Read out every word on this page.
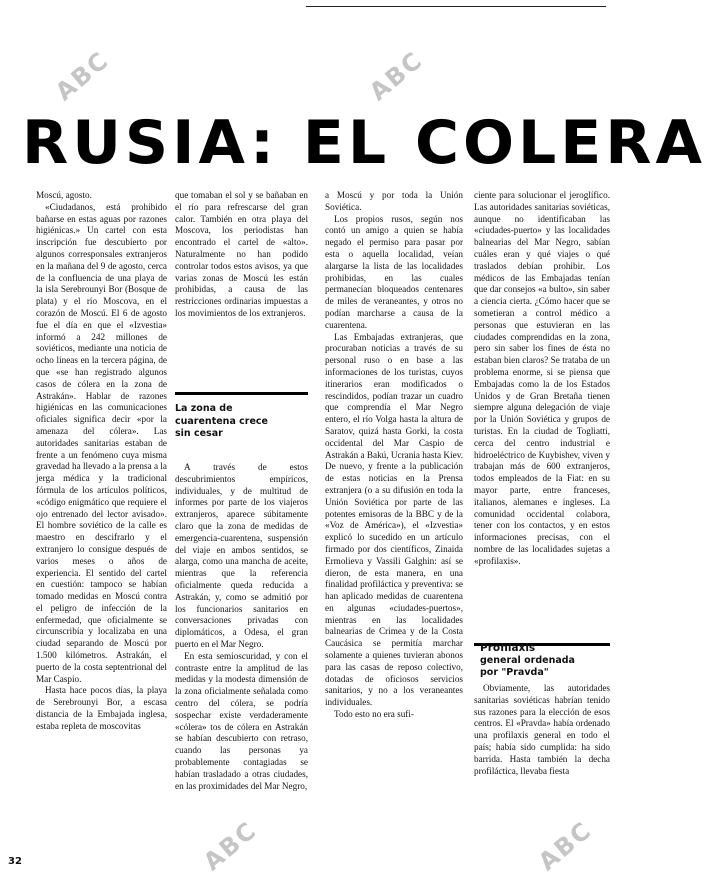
ABC	ABC
ABC	ABC
RUSIA: EL COLERA

Moscú, agosto.

«Ciudadanos, está prohibido bañarse en estas aguas por razones higiénicas.» Un cartel con esta inscripción fue descubierto por algunos corresponsales extranjeros en la mañana del 9 de agosto, cerca de la confluencia de una playa de la isla Serebrounyi Bor (Bosque de plata) y el río Moscova, en el corazón de Moscú. El 6 de agosto fue el día en que el «Izvestia» informó a 242 millones de soviéticos, mediante una noticia de ocho líneas en la tercera página, de que «se han registrado algunos casos de cólera en la zona de Astrakán». Hablar de razones higiénicas en las comunicaciones oficiales significa decir «por la amenaza del cólera». Las autoridades sanitarias estaban de frente a un fenómeno cuya misma gravedad ha llevado a la prensa a la jerga médica y la tradicional fórmula de los artículos políticos, «código enigmático que requiere el ojo entrenado del lector avisado». El hombre soviético de la calle es maestro en descifrarlo y el extranjero lo consigue después de varios meses o años de experiencia. El sentido del cartel en cuestión: tampoco se habían tomado medidas en Moscú contra el peligro de infección de la enfermedad, que oficialmente se circunscribía y localizaba en una ciudad separando de Moscú por 1.500 kilómetros. Astrakán, el puerto de la costa septentrional del Mar Caspio.

Hasta hace pocos días, la playa de Serebrounyi Bor, a escasa distancia de la Embajada inglesa, estaba repleta de moscovitas

que tomaban el sol y se bañaban en el río para refrescarse del gran calor. También en otra playa del Moscova, los periodistas han encontrado el cartel de «alto». Naturalmente no han podido controlar todos estos avisos, ya que varias zonas de Moscú les están prohibidas, a causa de las restricciones ordinarias impuestas a los movimientos de los extranjeros.

La zona de
cuarentena crece
sin cesar

A través de estos descubrimientos empíricos, individuales, y de multitud de informes por parte de los viajeros extranjeros, aparece súbitamente claro que la zona de medidas de emergencia-cuarentena, suspensión del viaje en ambos sentidos, se alarga, como una mancha de aceite, mientras que la referencia oficialmente queda reducida a Astrakán, y, como se admitió por los funcionarios sanitarios en conversaciones privadas con diplomáticos, a Odesa, el gran puerto en el Mar Negro.

En esta semioscuridad, y con el contraste entre la amplitud de las medidas y la modesta dimensión de la zona oficialmente señalada como centro del cólera, se podría sospechar existe verdaderamente «cólera» tos de cólera en Astrakán se habían descubierto con retraso, cuando las personas ya probablemente contagiadas se habían trasladado a otras ciudades, en las proximidades del Mar Negro,

a Moscú y por toda la Unión Soviética.

Los propios rusos, según nos contó un amigo a quien se había negado el permiso para pasar por esta o aquella localidad, veían alargarse la lista de las localidades prohibidas, en las cuales permanecían bloqueados centenares de miles de veraneantes, y otros no podían marcharse a causa de la cuarentena.

Las Embajadas extranjeras, que procuraban noticias a través de su personal ruso o en base a las informaciones de los turistas, cuyos itinerarios eran modificados o rescindidos, podían trazar un cuadro que comprendía el Mar Negro entero, el río Volga hasta la altura de Saratov, quizá hasta Gorki, la costa occidental del Mar Caspio de Astrakán a Bakú, Ucrania hasta Kiev. De nuevo, y frente a la publicación de estas noticias en la Prensa extranjera (o a su difusión en toda la Unión Soviética por parte de las potentes emisoras de la BBC y de la «Voz de América»), el «Izvestia» explicó lo sucedido en un artículo firmado por dos científicos, Zinaida Ermolieva y Vassili Galghin: así se dieron, de esta manera, en una finalidad profiláctica y preventiva: se han aplicado medidas de cuarentena en algunas «ciudades-puertos», mientras en las localidades balnearias de Crimea y de la Costa Caucásica se permitía marchar solamente a quienes tuvieran abonos para las casas de reposo colectivo, dotadas de oficiosos servicios sanitarios, y no a los veraneantes individuales.

Todo esto no era sufi-

ciente para solucionar el jeroglífico. Las autoridades sanitarias soviéticas, aunque no identificaban las «ciudades-puerto» y las localidades balnearias del Mar Negro, sabían cuáles eran y qué viajes o qué traslados debían prohibir. Los médicos de las Embajadas tenían que dar consejos «a bulto», sin saber a ciencia cierta. ¿Cómo hacer que se sometieran a control médico a personas que estuvieran en las ciudades comprendidas en la zona, pero sin saber los fines de ésta no estaban bien claros? Se trataba de un problema enorme, si se piensa que Embajadas como la de los Estados Unidos y de Gran Bretaña tienen siempre alguna delegación de viaje por la Unión Soviética y grupos de turistas. En la ciudad de Togliatti, cerca del centro industrial e hidroeléctrico de Kuybishev, viven y trabajan más de 600 extranjeros, todos empleados de la Fiat: en su mayor parte, entre franceses, italianos, alemanes e ingleses. La comunidad occidental colabora, tener con los contactos, y en estos informaciones precisas, con el nombre de las localidades sujetas a «profilaxis».

Profilaxis
general ordenada
por "Pravda"

Obviamente, las autoridades sanitarias soviéticas habrían tenido sus razones para la elección de esos centros. El «Pravda» había ordenado una profilaxis general en todo el país; había sido cumplida: ha sido barrida. Hasta también la decha profiláctica, llevaba fiesta

32
